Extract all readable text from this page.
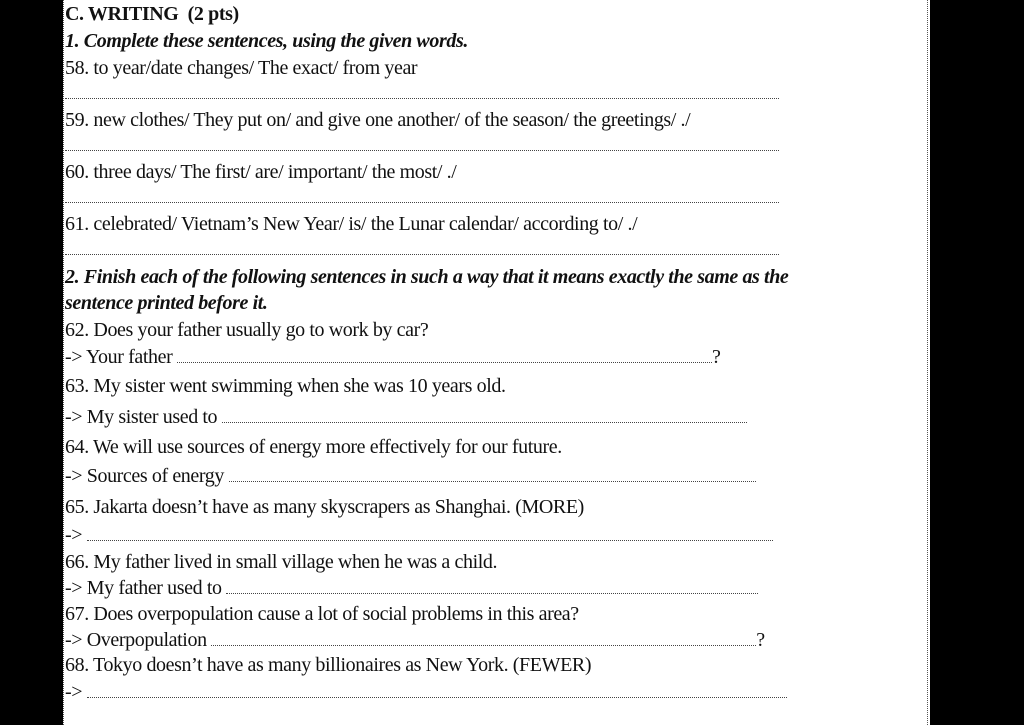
C. WRITING (2 pts)
1. Complete these sentences, using the given words.
58. to year/date changes/ The exact/ from year
59. new clothes/ They put on/ and give one another/ of the season/ the greetings/ ./
60. three days/ The first/ are/ important/ the most/ ./
61. celebrated/ Vietnam’s New Year/ is/ the Lunar calendar/ according to/ ./
2. Finish each of the following sentences in such a way that it means exactly the same as the
sentence printed before it.
62. Does your father usually go to work by car?
-> Your father	?
63. My sister went swimming when she was 10 years old.
-> My sister used to
64. We will use sources of energy more effectively for our future.
-> Sources of energy
65. Jakarta doesn’t have as many skyscrapers as Shanghai. (MORE)
->
66. My father lived in small village when he was a child.
-> My father used to
67. Does overpopulation cause a lot of social problems in this area?
-> Overpopulation	?
68. Tokyo doesn’t have as many billionaires as New York. (FEWER)
->
